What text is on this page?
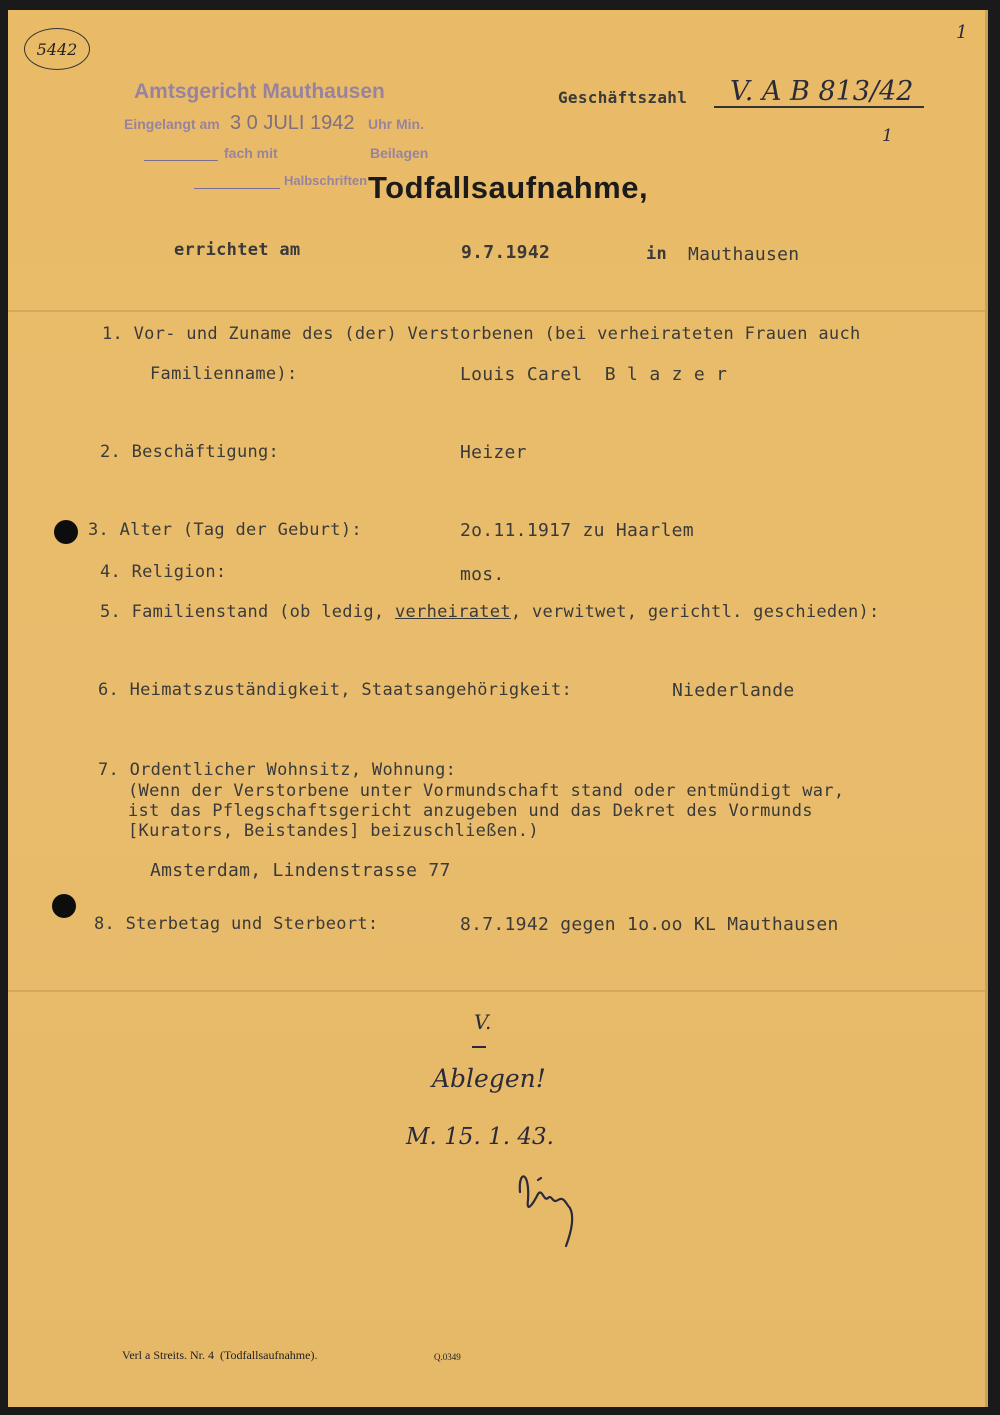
5442
1
Amtsgericht Mauthausen
Eingelangt am 3 0 JULI 1942 Uhr Min.
fach mit	Beilagen
Halbschriften
Geschäftszahl V. A B 813/42
1
Todfallsaufnahme,
errichtet am	9.7.1942	in Mauthausen
1. Vor- und Zuname des (der) Verstorbenen (bei verheirateten Frauen auch
Familienname):	Louis Carel  B l a z e r
2. Beschäftigung:	Heizer
3. Alter (Tag der Geburt):	2o.11.1917 zu Haarlem
4. Religion:	mos.
5. Familienstand (ob ledig, verheiratet, verwitwet, gerichtl. geschieden):
6. Heimatszuständigkeit, Staatsangehörigkeit:	Niederlande
7. Ordentlicher Wohnsitz, Wohnung:
(Wenn der Verstorbene unter Vormundschaft stand oder entmündigt war,
ist das Pflegschaftsgericht anzugeben und das Dekret des Vormunds
[Kurators, Beistandes] beizuschließen.)
Amsterdam, Lindenstrasse 77
8. Sterbetag und Sterbeort:	8.7.1942 gegen 1o.oo KL Mauthausen
V.
Ablegen!
M. 15. 1. 43.
Verl a Streits. Nr. 4  (Todfallsaufnahme).	Q.0349
